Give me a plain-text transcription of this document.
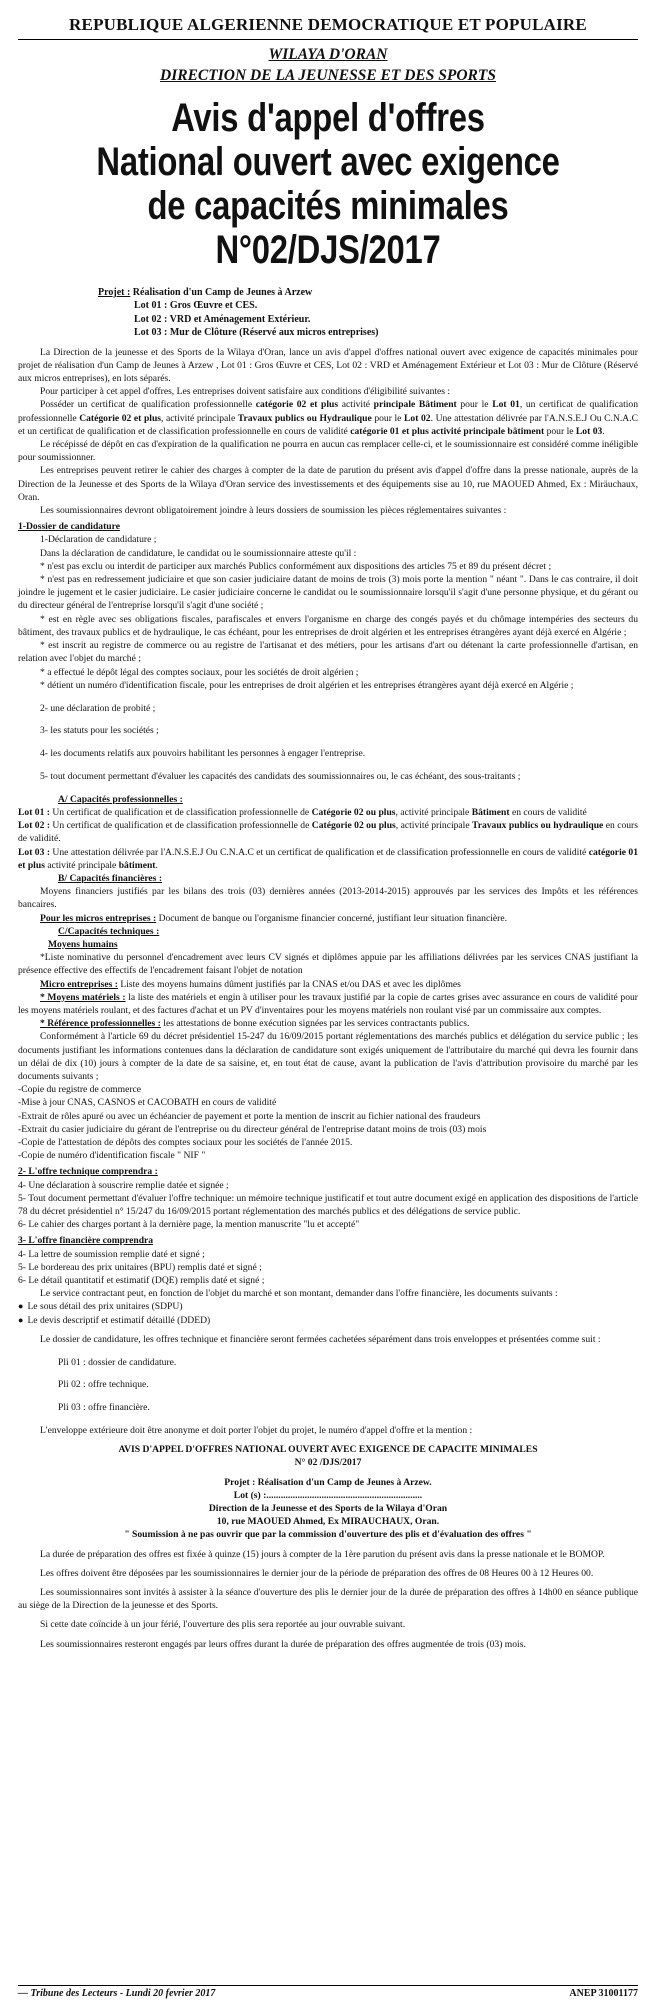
REPUBLIQUE ALGERIENNE DEMOCRATIQUE ET POPULAIRE
WILAYA D'ORAN
DIRECTION DE LA JEUNESSE ET DES SPORTS
Avis d'appel d'offres
National ouvert avec exigence
de capacités minimales
N°02/DJS/2017
Projet : Réalisation d'un Camp de Jeunes à Arzew
Lot 01 : Gros Œuvre et CES.
Lot 02 : VRD et Aménagement Extérieur.
Lot 03 : Mur de Clôture (Réservé aux micros entreprises)

La Direction de la jeunesse et des Sports de la Wilaya d'Oran, lance un avis d'appel d'offres national ouvert avec exigence de capacités minimales pour projet de réalisation d'un Camp de Jeunes à Arzew , Lot 01 : Gros Œuvre et CES, Lot 02 : VRD et Aménagement Extérieur et Lot 03 : Mur de Clôture (Réservé aux micros entreprises), en lots séparés.

Pour participer à cet appel d'offres, Les entreprises doivent satisfaire aux conditions d'éligibilité suivantes :

Posséder un certificat de qualification professionnelle catégorie 02 et plus activité principale Bâtiment pour le Lot 01, un certificat de qualification professionnelle Catégorie 02 et plus, activité principale Travaux publics ou Hydraulique pour le Lot 02. Une attestation délivrée par l'A.N.S.E.J Ou C.N.A.C et un certificat de qualification et de classification professionnelle en cours de validité catégorie 01 et plus activité principale bâtiment pour le Lot 03.

Le récépissé de dépôt en cas d'expiration de la qualification ne pourra en aucun cas remplacer celle-ci, et le soumissionnaire est considéré comme inéligible pour soumissionner.

Les entreprises peuvent retirer le cahier des charges à compter de la date de parution du présent avis d'appel d'offre dans la presse nationale, auprès de la Direction de la Jeunesse et des Sports de la Wilaya d'Oran service des investissements et des équipements sise au 10, rue MAOUED Ahmed, Ex : Miräuchaux, Oran.

Les soumissionnaires devront obligatoirement joindre à leurs dossiers de soumission les pièces réglementaires suivantes :

1-Dossier de candidature

1-Déclaration de candidature ;

Dans la déclaration de candidature, le candidat ou le soumissionnaire atteste qu'il :

* n'est pas exclu ou interdit de participer aux marchés Publics conformément aux dispositions des articles 75 et 89 du présent décret ;

* n'est pas en redressement judiciaire et que son casier judiciaire datant de moins de trois (3) mois porte la mention " néant ". Dans le cas contraire, il doit joindre le jugement et le casier judiciaire. Le casier judiciaire concerne le candidat ou le soumissionnaire lorsqu'il s'agit d'une personne physique, et du gérant ou du directeur général de l'entreprise lorsqu'il s'agit d'une société ;

* est en règle avec ses obligations fiscales, parafiscales et envers l'organisme en charge des congés payés et du chômage intempéries des secteurs du bâtiment, des travaux publics et de hydraulique, le cas échéant, pour les entreprises de droit algérien et les entreprises étrangères ayant déjà exercé en Algérie ;

* est inscrit au registre de commerce ou au registre de l'artisanat et des métiers, pour les artisans d'art ou détenant la carte professionnelle d'artisan, en relation avec l'objet du marché ;

* a effectué le dépôt légal des comptes sociaux, pour les sociétés de droit algérien ;

* détient un numéro d'identification fiscale, pour les entreprises de droit algérien et les entreprises étrangères ayant déjà exercé en Algérie ;

2- une déclaration de probité ;

3- les statuts pour les sociétés ;

4- les documents relatifs aux pouvoirs habilitant les personnes à engager l'entreprise.

5- tout document permettant d'évaluer les capacités des candidats des soumissionnaires ou, le cas échéant, des sous-traitants ;

A/ Capacités professionnelles :

Lot 01 : Un certificat de qualification et de classification professionnelle de Catégorie 02 ou plus, activité principale Bâtiment en cours de validité

Lot 02 : Un certificat de qualification et de classification professionnelle de Catégorie 02 ou plus, activité principale Travaux publics ou hydraulique en cours de validité.

Lot 03 : Une attestation délivrée par l'A.N.S.E.J Ou C.N.A.C et un certificat de qualification et de classification professionnelle en cours de validité catégorie 01 et plus activité principale bâtiment.

B/ Capacités financières :

Moyens financiers justifiés par les bilans des trois (03) dernières années (2013-2014-2015) approuvés par les services des Impôts et les références bancaires.

Pour les micros entreprises : Document de banque ou l'organisme financier concerné, justifiant leur situation financière.

C/Capacités techniques :
Moyens humains

*Liste nominative du personnel d'encadrement avec leurs CV signés et diplômes appuie par les affiliations délivrées par les services CNAS justifiant la présence effective des effectifs de l'encadrement faisant l'objet de notation

Micro entreprises : Liste des moyens humains dûment justifiés par la CNAS et/ou DAS et avec les diplômes

* Moyens matériels : la liste des matériels et engin à utiliser pour les travaux justifié par la copie de cartes grises avec assurance en cours de validité pour les moyens matériels roulant, et des factures d'achat et un PV d'inventaires pour les moyens matériels non roulant visé par un commissaire aux comptes.

* Référence professionnelles : les attestations de bonne exécution signées par les services contractants publics.

Conformément à l'article 69 du décret présidentiel 15-247 du 16/09/2015 portant réglementations des marchés publics et délégation du service public ; les documents justifiant les informations contenues dans la déclaration de candidature sont exigés uniquement de l'attributaire du marché qui devra les fournir dans un délai de dix (10) jours à compter de la date de sa saisine, et, en tout état de cause, avant la publication de l'avis d'attribution provisoire du marché par les documents suivants ;

-Copie du registre de commerce

-Mise à jour CNAS, CASNOS et CACOBATH en cours de validité

-Extrait de rôles apuré ou avec un échéancier de payement et porte la mention de inscrit au fichier national des fraudeurs

-Extrait du casier judiciaire du gérant de l'entreprise ou du directeur général de l'entreprise datant moins de trois (03) mois

-Copie de l'attestation de dépôts des comptes sociaux pour les sociétés de l'année 2015.

-Copie de numéro d'identification fiscale " NIF "

2- L'offre technique comprendra :

4- Une déclaration à souscrire remplie datée et signée ;

5- Tout document permettant d'évaluer l'offre technique: un mémoire technique justificatif et tout autre document exigé en application des dispositions de l'article 78 du décret présidentiel n° 15/247 du 16/09/2015 portant réglementation des marchés publics et des délégations de service public.

6- Le cahier des charges portant à la dernière page, la mention manuscrite "lu et accepté"

3- L'offre financière comprendra

4- La lettre de soumission remplie daté et signé ;

5- Le bordereau des prix unitaires (BPU) remplis daté et signé ;

6- Le détail quantitatif et estimatif (DQE) remplis daté et signé ;

Le service contractant peut, en fonction de l'objet du marché et son montant, demander dans l'offre financière, les documents suivants :

● Le sous détail des prix unitaires (SDPU)

● Le devis descriptif et estimatif détaillé (DDED)

Le dossier de candidature, les offres technique et financière seront fermées cachetées séparément dans trois enveloppes et présentées comme suit :

Pli 01 : dossier de candidature.

Pli 02 : offre technique.

Pli 03 : offre financière.

L'enveloppe extérieure doit être anonyme et doit porter l'objet du projet, le numéro d'appel d'offre et la mention :

AVIS D'APPEL D'OFFRES NATIONAL OUVERT AVEC EXIGENCE DE CAPACITE MINIMALES
N° 02 /DJS/2017
Projet : Réalisation d'un Camp de Jeunes à Arzew.
Lot (s) :.................................................................
Direction de la Jeunesse et des Sports de la Wilaya d'Oran
10, rue MAOUED Ahmed, Ex MIRAUCHAUX, Oran.
" Soumission à ne pas ouvrir que par la commission d'ouverture des plis et d'évaluation des offres "

La durée de préparation des offres est fixée à quinze (15) jours à compter de la 1ère parution du présent avis dans la presse nationale et le BOMOP.

Les offres doivent être déposées par les soumissionnaires le dernier jour de la période de préparation des offres de 08 Heures 00 à 12 Heures 00.

Les soumissionnaires sont invités à assister à la séance d'ouverture des plis le dernier jour de la durée de préparation des offres à 14h00 en séance publique au siège de la Direction de la jeunesse et des Sports.

Si cette date coïncide à un jour férié, l'ouverture des plis sera reportée au jour ouvrable suivant.

Les soumissionnaires resteront engagés par leurs offres durant la durée de préparation des offres augmentée de trois (03) mois.

— Tribune des Lecteurs - Lundi 20 fevrier 2017	ANEP 31001177
